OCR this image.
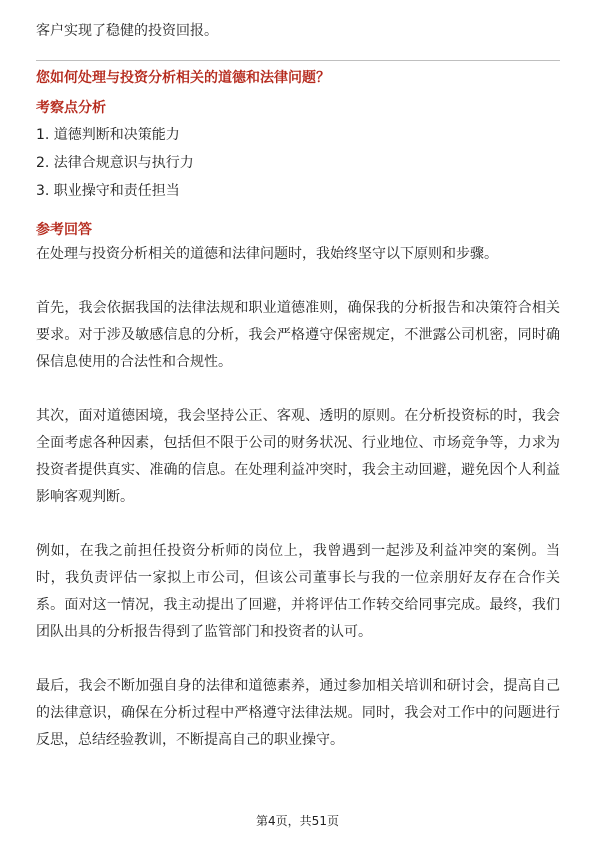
客户实现了稳健的投资回报。

您如何处理与投资分析相关的道德和法律问题？
考察点分析

1. 道德判断和决策能力

2. 法律合规意识与执行力

3. 职业操守和责任担当

参考回答

在处理与投资分析相关的道德和法律问题时，我始终坚守以下原则和步骤。

首先，我会依据我国的法律法规和职业道德准则，确保我的分析报告和决策符合相关要求。对于涉及敏感信息的分析，我会严格遵守保密规定，不泄露公司机密，同时确保信息使用的合法性和合规性。

其次，面对道德困境，我会坚持公正、客观、透明的原则。在分析投资标的时，我会全面考虑各种因素，包括但不限于公司的财务状况、行业地位、市场竞争等，力求为投资者提供真实、准确的信息。在处理利益冲突时，我会主动回避，避免因个人利益影响客观判断。

例如，在我之前担任投资分析师的岗位上，我曾遇到一起涉及利益冲突的案例。当时，我负责评估一家拟上市公司，但该公司董事长与我的一位亲朋好友存在合作关系。面对这一情况，我主动提出了回避，并将评估工作转交给同事完成。最终，我们团队出具的分析报告得到了监管部门和投资者的认可。

最后，我会不断加强自身的法律和道德素养，通过参加相关培训和研讨会，提高自己的法律意识，确保在分析过程中严格遵守法律法规。同时，我会对工作中的问题进行反思，总结经验教训，不断提高自己的职业操守。

第4页，共51页
